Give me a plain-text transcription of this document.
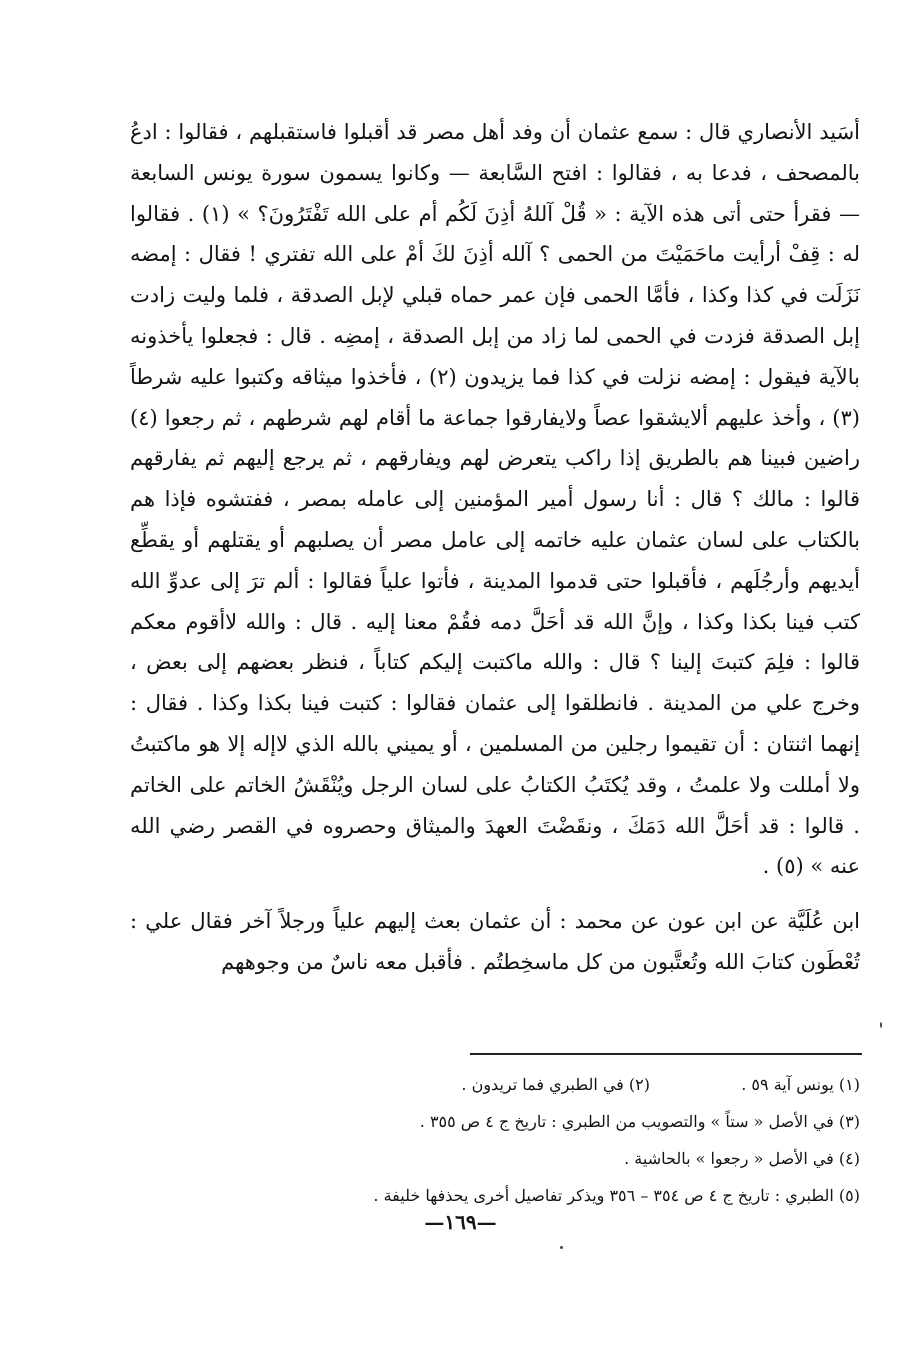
أسَيد الأنصاري قال : سمع عثمان أن وفد أهل مصر قد أقبلوا فاستقبلهم ، فقالوا : ادعُ بالمصحف ، فدعا به ، فقالوا : افتح السَّابعة — وكانوا يسمون سورة يونس السابعة — فقرأ حتى أتى هذه الآية : « قُلْ آللهُ أذِنَ لَكُم أم على الله تَفْتَرُونَ؟ » (١) . فقالوا له : قِفْ أرأيت ماحَمَيْتَ من الحمى ؟ آلله أذِنَ لكَ أمْ على الله تفتري ! فقال : إمضه نَزَلَت في كذا وكذا ، فأمَّا الحمى فإن عمر حماه قبلي لإبل الصدقة ، فلما وليت زادت إبل الصدقة فزدت في الحمى لما زاد من إبل الصدقة ، إمضِه . قال : فجعلوا يأخذونه بالآية فيقول : إمضه نزلت في كذا فما يزيدون (٢) ، فأخذوا ميثاقه وكتبوا عليه شرطاً (٣) ، وأخذ عليهم ألايشقوا عصاً ولايفارقوا جماعة ما أقام لهم شرطهم ، ثم رجعوا (٤) راضين فبينا هم بالطريق إذا راكب يتعرض لهم ويفارقهم ، ثم يرجع إليهم ثم يفارقهم قالوا : مالك ؟ قال : أنا رسول أمير المؤمنين إلى عامله بمصر ، ففتشوه فإذا هم بالكتاب على لسان عثمان عليه خاتمه إلى عامل مصر أن يصلبهم أو يقتلهم أو يقطِّع أيديهم وأرجُلَهم ، فأقبلوا حتى قدموا المدينة ، فأتوا علياً فقالوا : ألم ترَ إلى عدوِّ الله كتب فينا بكذا وكذا ، وإنَّ الله قد أحَلَّ دمه فقُمْ معنا إليه . قال : والله لاأقوم معكم قالوا : فلِمَ كتبتَ إلينا ؟ قال : والله ماكتبت إليكم كتاباً ، فنظر بعضهم إلى بعض ، وخرج علي من المدينة . فانطلقوا إلى عثمان فقالوا : كتبت فينا بكذا وكذا . فقال : إنهما اثنتان : أن تقيموا رجلين من المسلمين ، أو يميني بالله الذي لاإله إلا هو ماكتبتُ ولا أمللت ولا علمتُ ، وقد يُكتَبُ الكتابُ على لسان الرجل ويُنْقَشُ الخاتم على الخاتم . قالوا : قد أحَلَّ الله دَمَكَ ، ونقَضْتَ العهدَ والميثاق وحصروه في القصر رضي الله عنه » (٥) .

ابن عُلَيَّة عن ابن عون عن محمد : أن عثمان بعث إليهم علياً ورجلاً آخر فقال علي : تُعْطَون كتابَ الله وتُعتَّبون من كل ماسخِطتُم . فأقبل معه ناسٌ من وجوههم

(١) يونس آية ٥٩ .
(٢) في الطبري فما تريدون .
(٣) في الأصل « ستاً » والتصويب من الطبري : تاريخ ج ٤ ص ٣٥٥ .
(٤) في الأصل « رجعوا » بالحاشية .
(٥) الطبري : تاريخ ج ٤ ص ٣٥٤ – ٣٥٦ ويذكر تفاصيل أخرى يحذفها خليفة .
—١٦٩—
